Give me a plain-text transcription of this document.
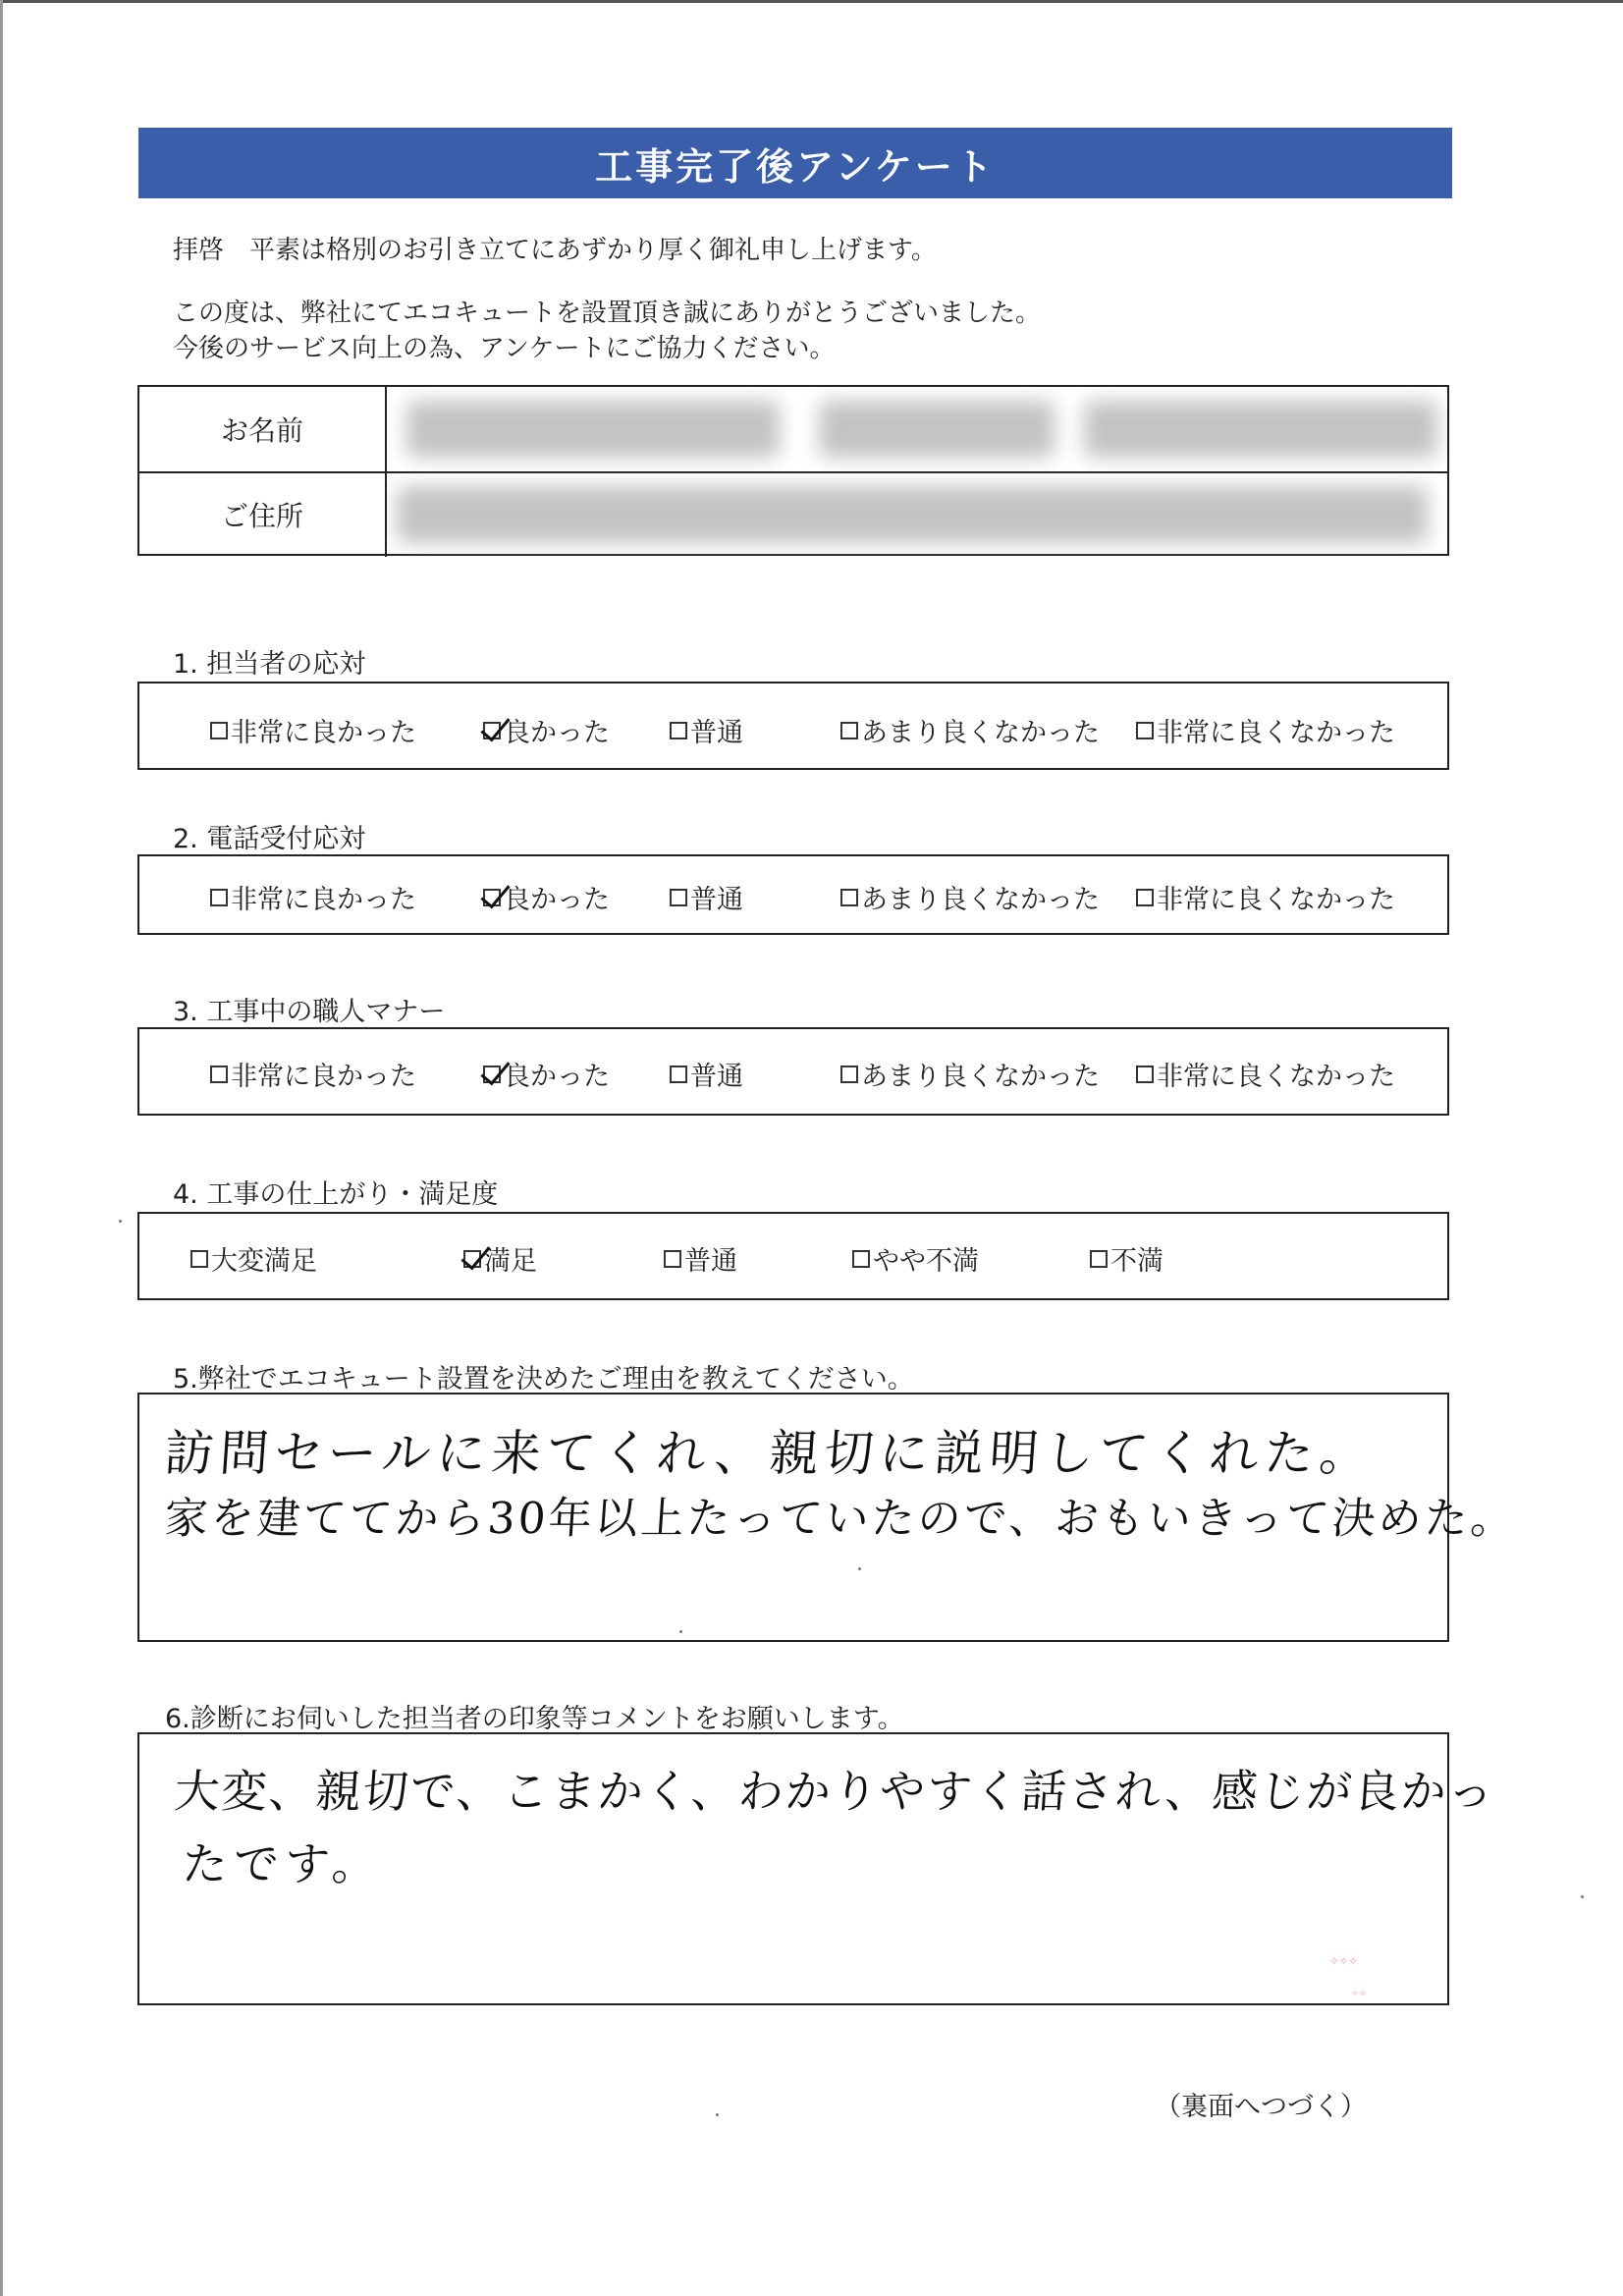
工事完了後アンケート
拝啓　平素は格別のお引き立てにあずかり厚く御礼申し上げます。
この度は、弊社にてエコキュートを設置頂き誠にありがとうございました。
今後のサービス向上の為、アンケートにご協力ください。
お名前
ご住所
1. 担当者の応対
非常に良かった	良かった	普通	あまり良くなかった 非常に良くなかった
2. 電話受付応対
非常に良かった	良かった	普通	あまり良くなかった 非常に良くなかった
3. 工事中の職人マナー
非常に良かった	良かった	普通	あまり良くなかった 非常に良くなかった
4. 工事の仕上がり・満足度
大変満足	満足	普通	やや不満	不満
5.弊社でエコキュート設置を決めたご理由を教えてください。
訪問セールに来てくれ、親切に説明してくれた。
家を建ててから30年以上たっていたので、おもいきって決めた。
6.診断にお伺いした担当者の印象等コメントをお願いします。
大変、親切で、こまかく、わかりやすく話され、感じが良かっ
たです。
✧✧✧
✧✧
（裏面へつづく）
